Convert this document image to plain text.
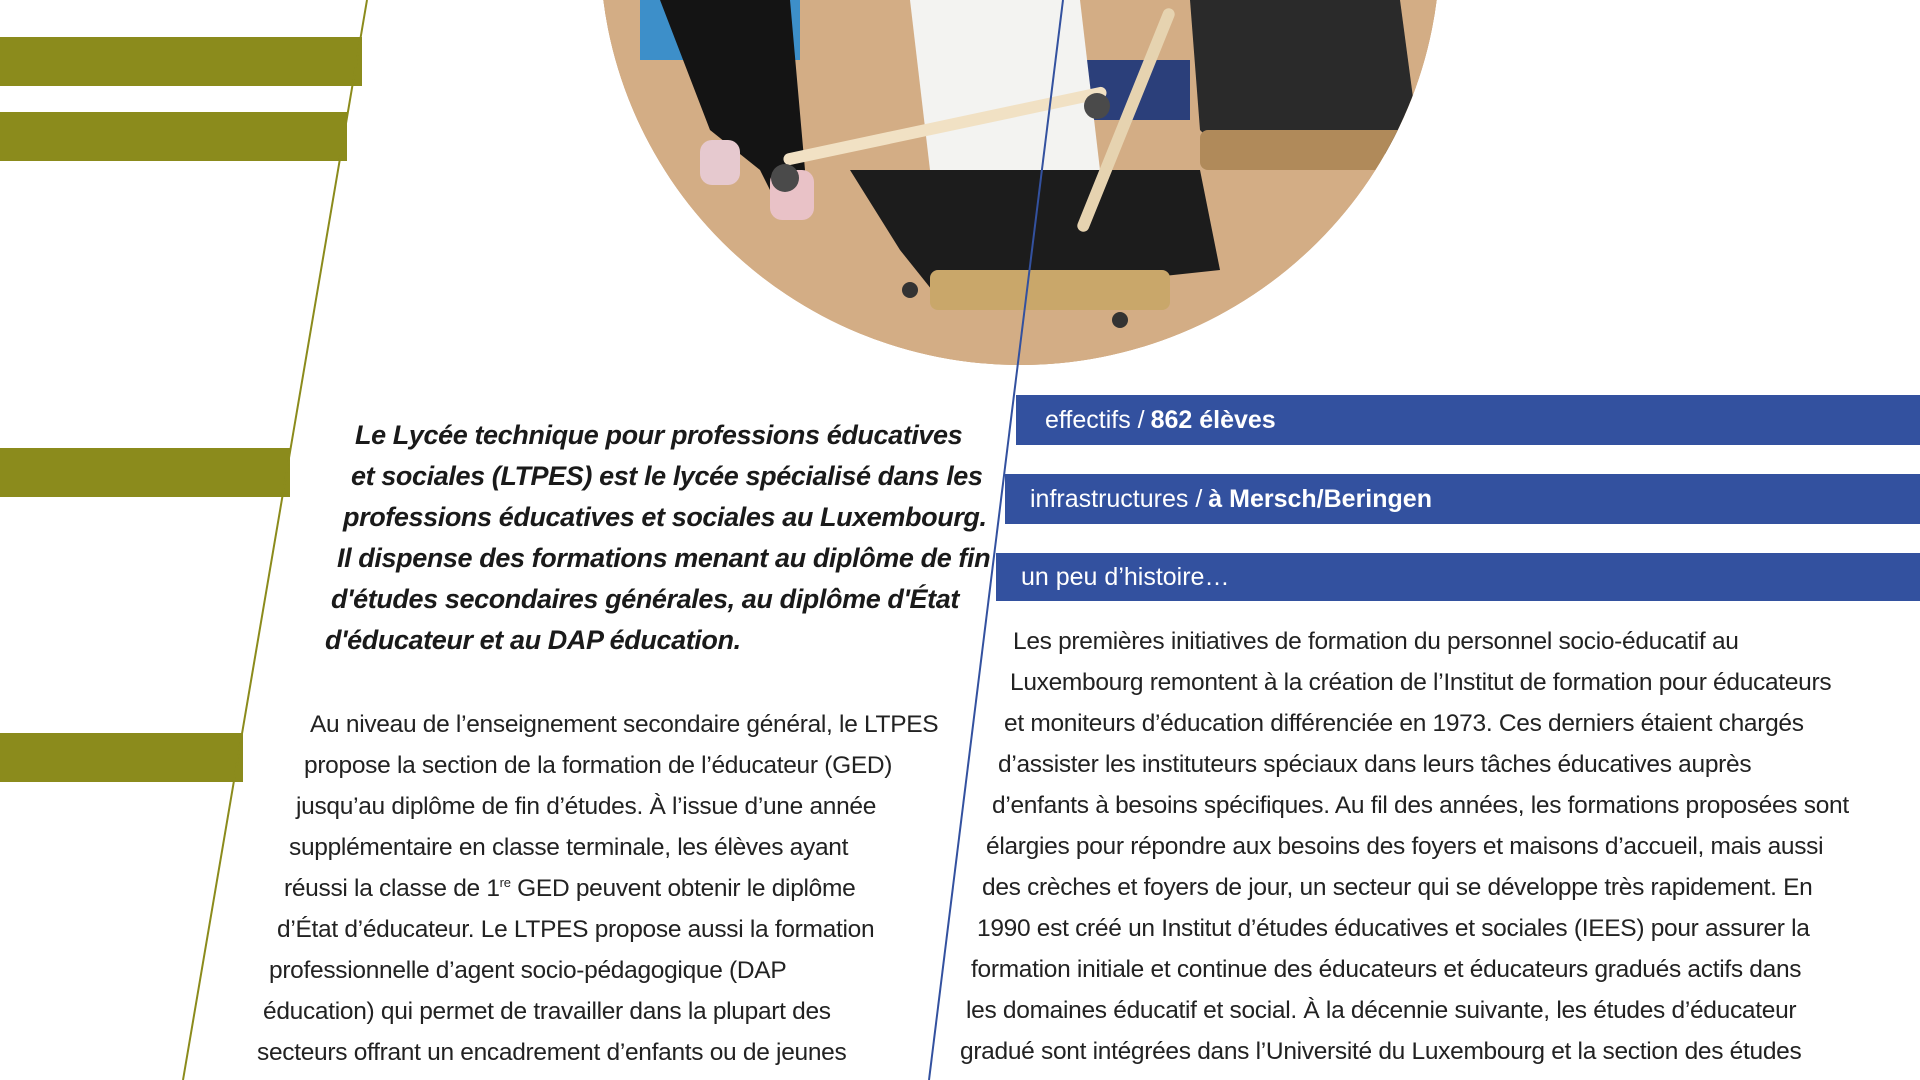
Le Lycée technique pour professions éducatives
et sociales (LTPES) est le lycée spécialisé dans les
professions éducatives et sociales au Luxembourg.
Il dispense des formations menant au diplôme de fin
d'études secondaires générales, au diplôme d'État
d'éducateur et au DAP éducation.
Au niveau de l’enseignement secondaire général, le LTPES
propose la section de la formation de l’éducateur (GED)
jusqu’au diplôme de fin d’études. À l’issue d’une année
supplémentaire en classe terminale, les élèves ayant
réussi la classe de 1re GED peuvent obtenir le diplôme
d’État d’éducateur. Le LTPES propose aussi la formation
professionnelle d’agent socio-pédagogique (DAP
éducation) qui permet de travailler dans la plupart des
secteurs offrant un encadrement d’enfants ou de jeunes
effectifs / 862 élèves
infrastructures / à Mersch/Beringen
un peu d’histoire…
Les premières initiatives de formation du personnel socio-éducatif au
Luxembourg remontent à la création de l’Institut de formation pour éducateurs
et moniteurs d’éducation différenciée en 1973. Ces derniers étaient chargés
d’assister les instituteurs spéciaux dans leurs tâches éducatives auprès
d’enfants à besoins spécifiques. Au fil des années, les formations proposées sont
élargies pour répondre aux besoins des foyers et maisons d’accueil, mais aussi
des crèches et foyers de jour, un secteur qui se développe très rapidement. En
1990 est créé un Institut d’études éducatives et sociales (IEES) pour assurer la
formation initiale et continue des éducateurs et éducateurs gradués actifs dans
les domaines éducatif et social. À la décennie suivante, les études d’éducateur
gradué sont intégrées dans l’Université du Luxembourg et la section des études
